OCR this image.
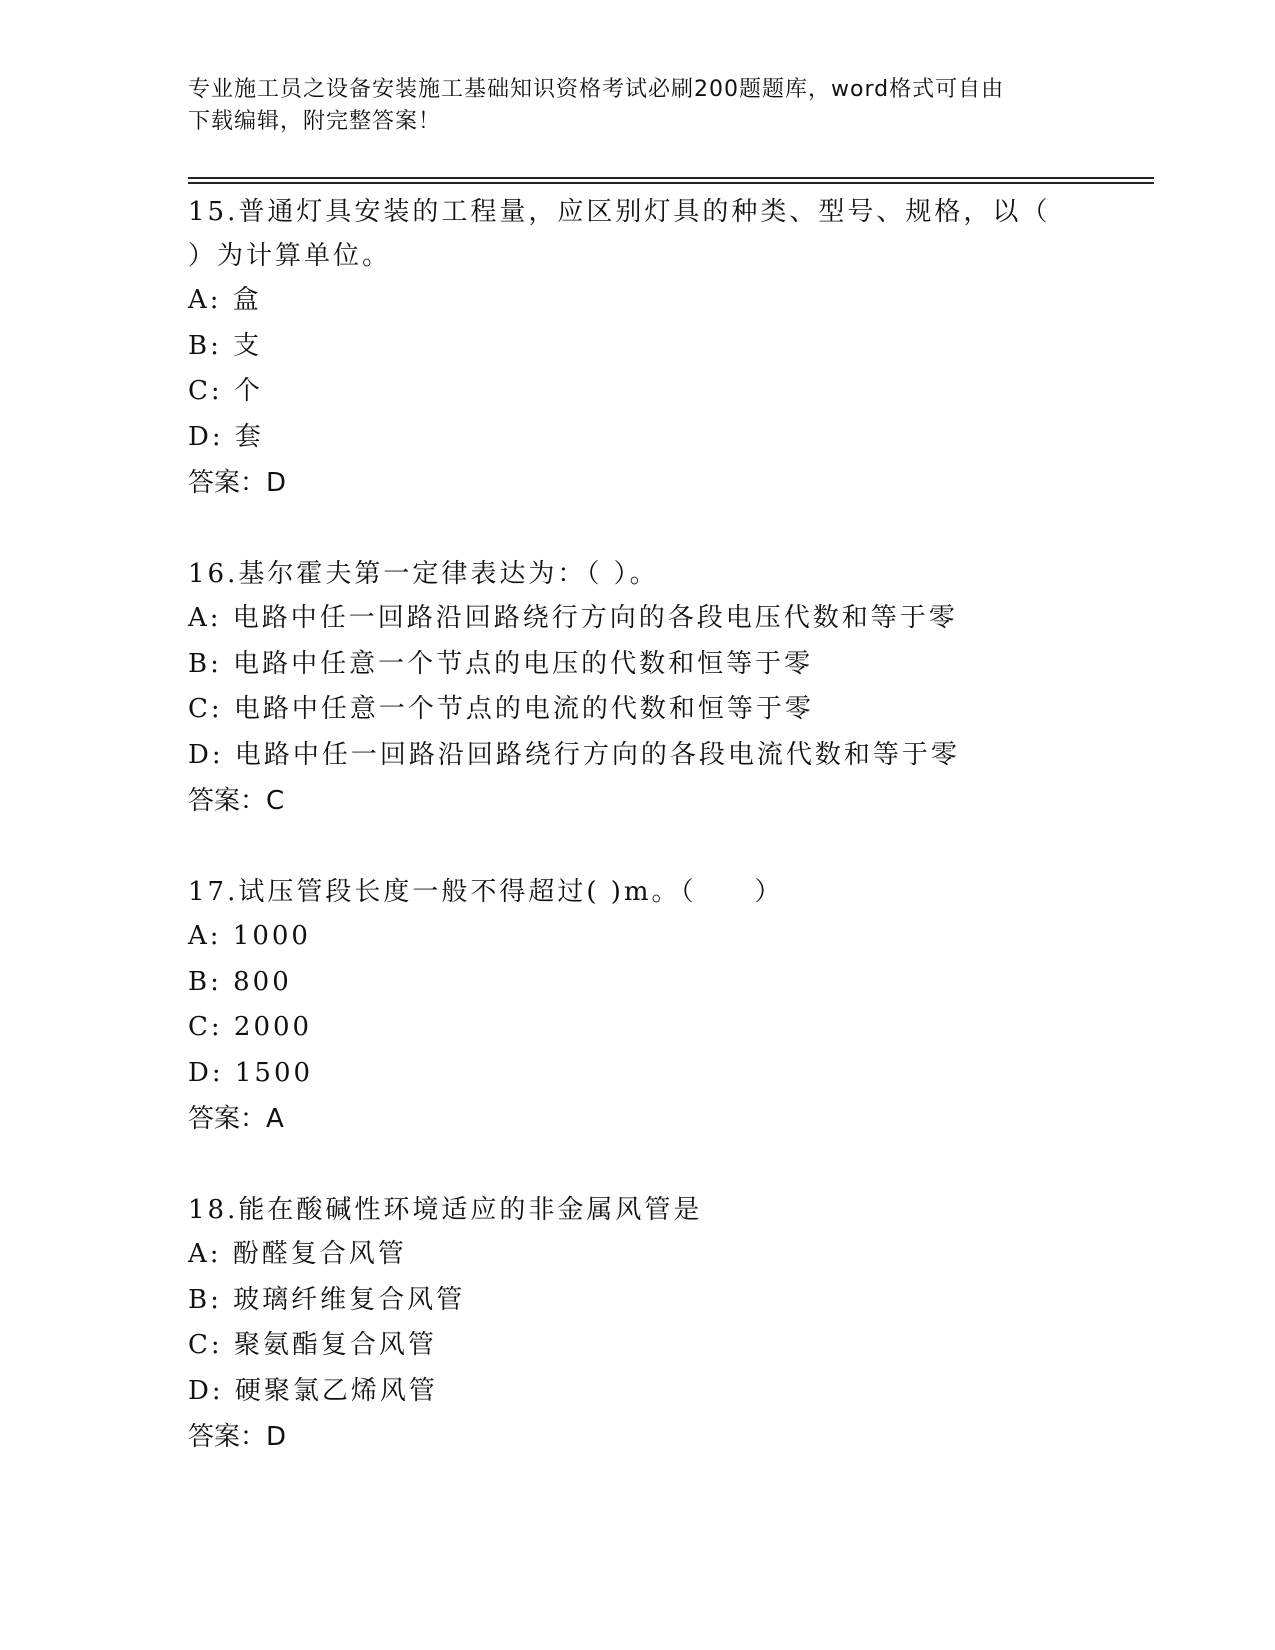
专业施工员之设备安装施工基础知识资格考试必刷200题题库，word格式可自由
下载编辑，附完整答案！

15.普通灯具安装的工程量，应区别灯具的种类、型号、规格，以（

）为计算单位。

A: 盒

B: 支

C: 个

D: 套

答案：D

16.基尔霍夫第一定律表达为：（ ）。

A: 电路中任一回路沿回路绕行方向的各段电压代数和等于零

B: 电路中任意一个节点的电压的代数和恒等于零

C: 电路中任意一个节点的电流的代数和恒等于零

D: 电路中任一回路沿回路绕行方向的各段电流代数和等于零

答案：C

17.试压管段长度一般不得超过( )m。（　　）

A: 1000

B: 800

C: 2000

D: 1500

答案：A

18.能在酸碱性环境适应的非金属风管是

A: 酚醛复合风管

B: 玻璃纤维复合风管

C: 聚氨酯复合风管

D: 硬聚氯乙烯风管

答案：D
